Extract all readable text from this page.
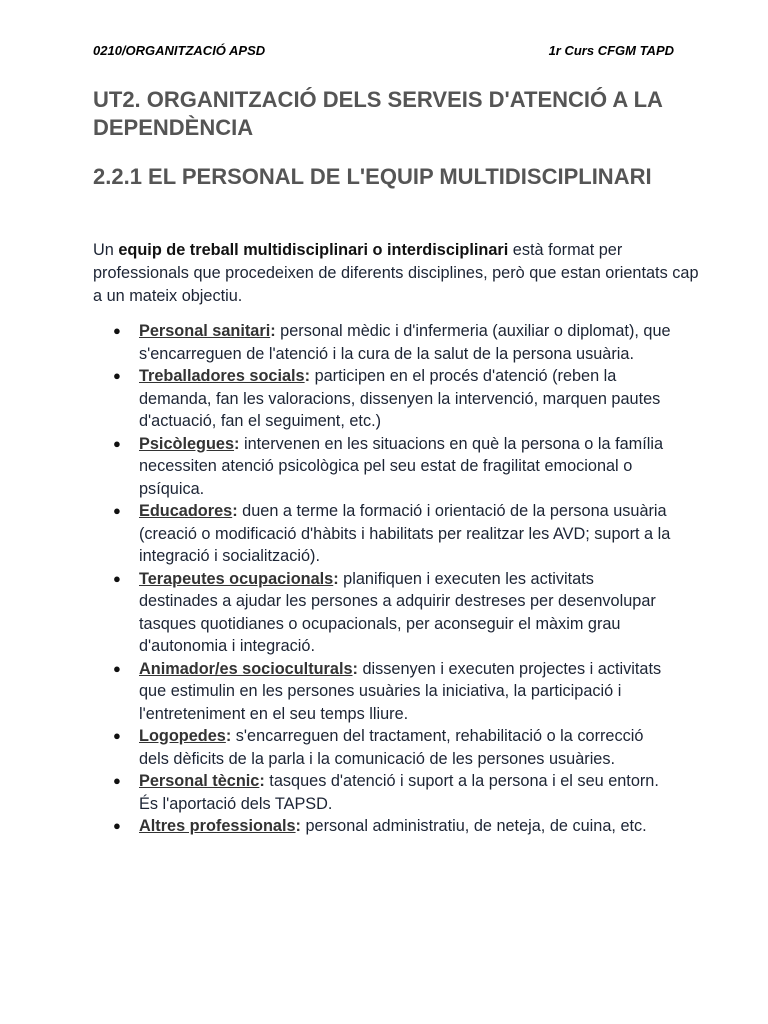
0210/ORGANITZACIÓ APSD	1r Curs CFGM TAPD
UT2. ORGANITZACIÓ DELS SERVEIS D'ATENCIÓ A LA DEPENDÈNCIA
2.2.1 EL PERSONAL DE L'EQUIP MULTIDISCIPLINARI

Un equip de treball multidisciplinari o interdisciplinari està format per professionals que procedeixen de diferents disciplines, però que estan orientats cap a un mateix objectiu.

● Personal sanitari: personal mèdic i d'infermeria (auxiliar o diplomat), que s'encarreguen de l'atenció i la cura de la salut de la persona usuària.
● Treballadores socials: participen en el procés d'atenció (reben la demanda, fan les valoracions, dissenyen la intervenció, marquen pautes d'actuació, fan el seguiment, etc.)
● Psicòlegues: intervenen en les situacions en què la persona o la família necessiten atenció psicològica pel seu estat de fragilitat emocional o psíquica.
● Educadores: duen a terme la formació i orientació de la persona usuària (creació o modificació d'hàbits i habilitats per realitzar les AVD; suport a la integració i socialització).
● Terapeutes ocupacionals: planifiquen i executen les activitats destinades a ajudar les persones a adquirir destreses per desenvolupar tasques quotidianes o ocupacionals, per aconseguir el màxim grau d'autonomia i integració.
● Animador/es socioculturals: dissenyen i executen projectes i activitats que estimulin en les persones usuàries la iniciativa, la participació i l'entreteniment en el seu temps lliure.
● Logopedes: s'encarreguen del tractament, rehabilitació o la correcció dels dèficits de la parla i la comunicació de les persones usuàries.
● Personal tècnic: tasques d'atenció i suport a la persona i el seu entorn. És l'aportació dels TAPSD.
● Altres professionals: personal administratiu, de neteja, de cuina, etc.
